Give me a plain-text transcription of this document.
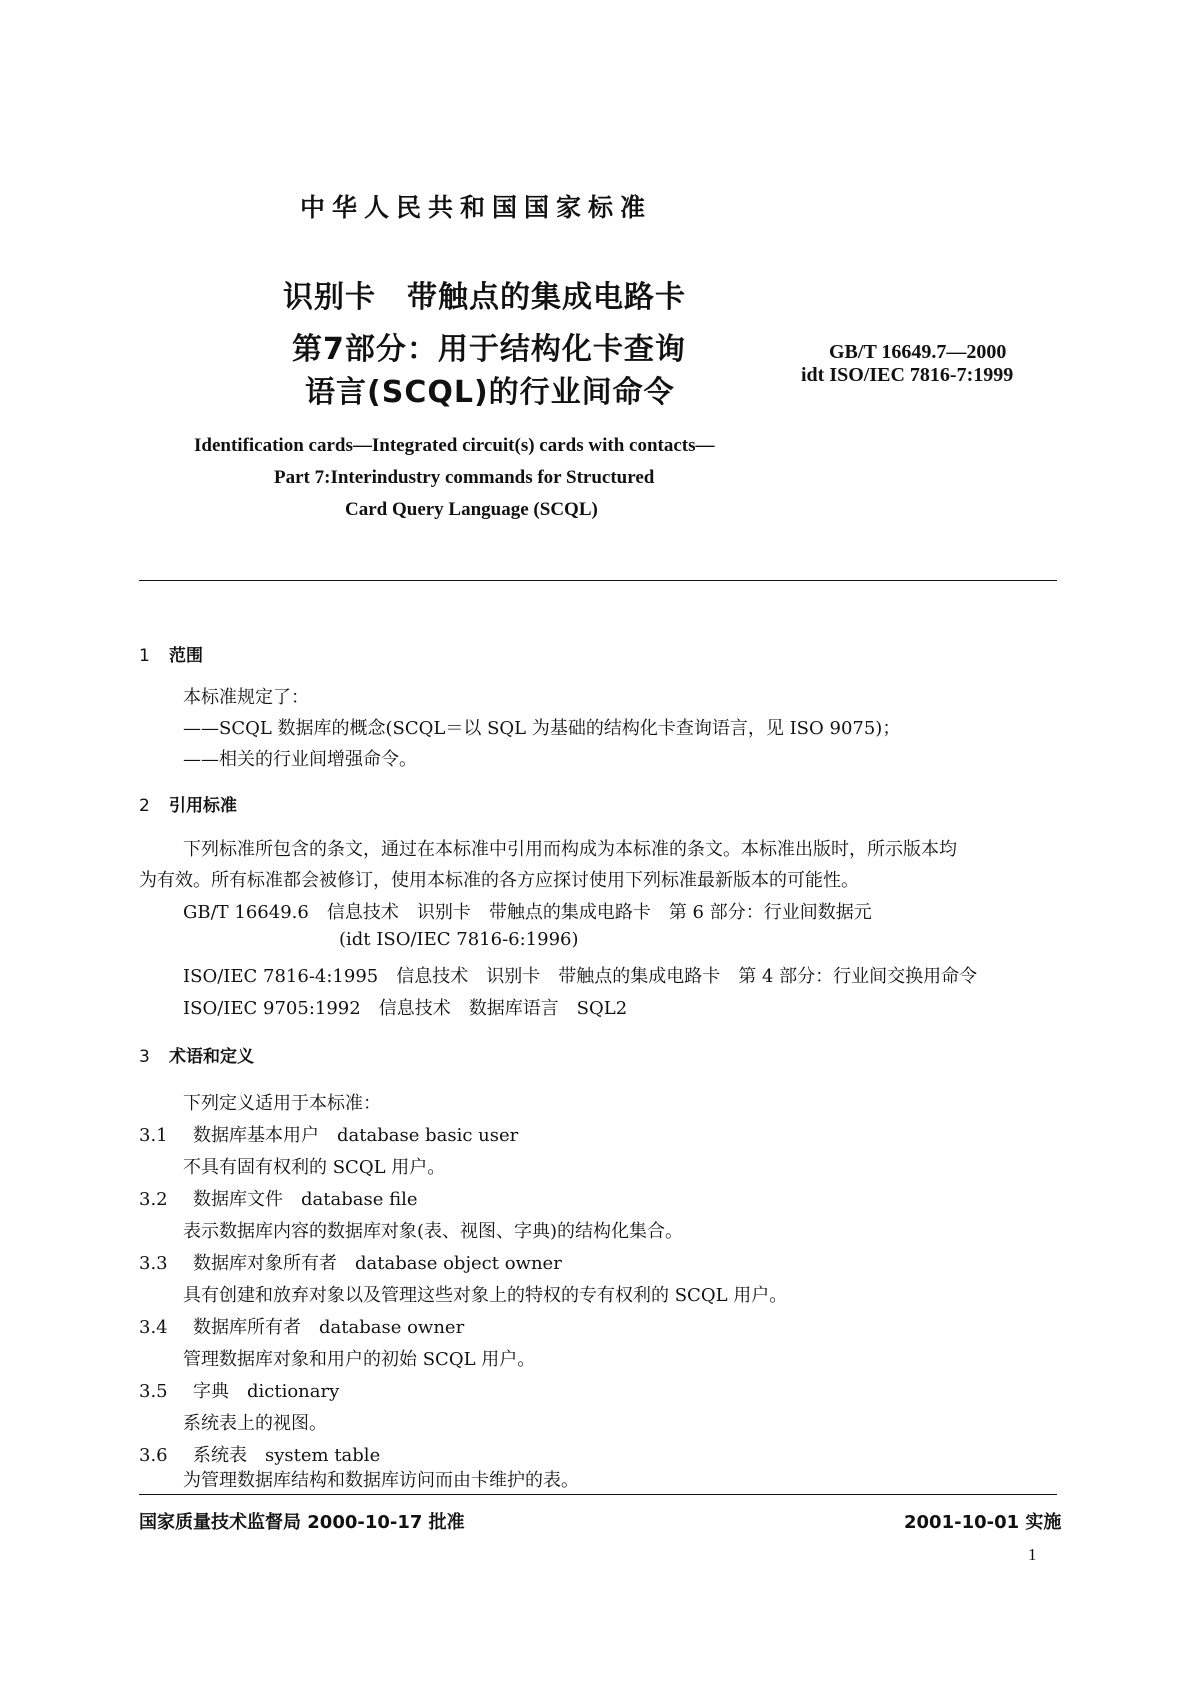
中华人民共和国国家标准
识别卡　带触点的集成电路卡
第7部分：用于结构化卡查询
语言(SCQL)的行业间命令
GB/T 16649.7—2000
idt ISO/IEC 7816-7:1999
Identification cards—Integrated circuit(s) cards with contacts—
Part 7:Interindustry commands for Structured
Card Query Language (SCQL)
1 范围
本标准规定了：
——SCQL 数据库的概念(SCQL＝以 SQL 为基础的结构化卡查询语言，见 ISO 9075)；
——相关的行业间增强命令。
2 引用标准
下列标准所包含的条文，通过在本标准中引用而构成为本标准的条文。本标准出版时，所示版本均
为有效。所有标准都会被修订，使用本标准的各方应探讨使用下列标准最新版本的可能性。
GB/T 16649.6　信息技术　识别卡　带触点的集成电路卡　第 6 部分：行业间数据元
(idt ISO/IEC 7816-6:1996)
ISO/IEC 7816-4:1995　信息技术　识别卡　带触点的集成电路卡　第 4 部分：行业间交换用命令
ISO/IEC 9705:1992　信息技术　数据库语言　SQL2
3 术语和定义
下列定义适用于本标准：
3.1 数据库基本用户　database basic user
不具有固有权利的 SCQL 用户。
3.2 数据库文件　database file
表示数据库内容的数据库对象(表、视图、字典)的结构化集合。
3.3 数据库对象所有者　database object owner
具有创建和放弃对象以及管理这些对象上的特权的专有权利的 SCQL 用户。
3.4 数据库所有者　database owner
管理数据库对象和用户的初始 SCQL 用户。
3.5 字典　dictionary
系统表上的视图。
3.6 系统表　system table
为管理数据库结构和数据库访问而由卡维护的表。
国家质量技术监督局 2000-10-17 批准	2001-10-01 实施
1
